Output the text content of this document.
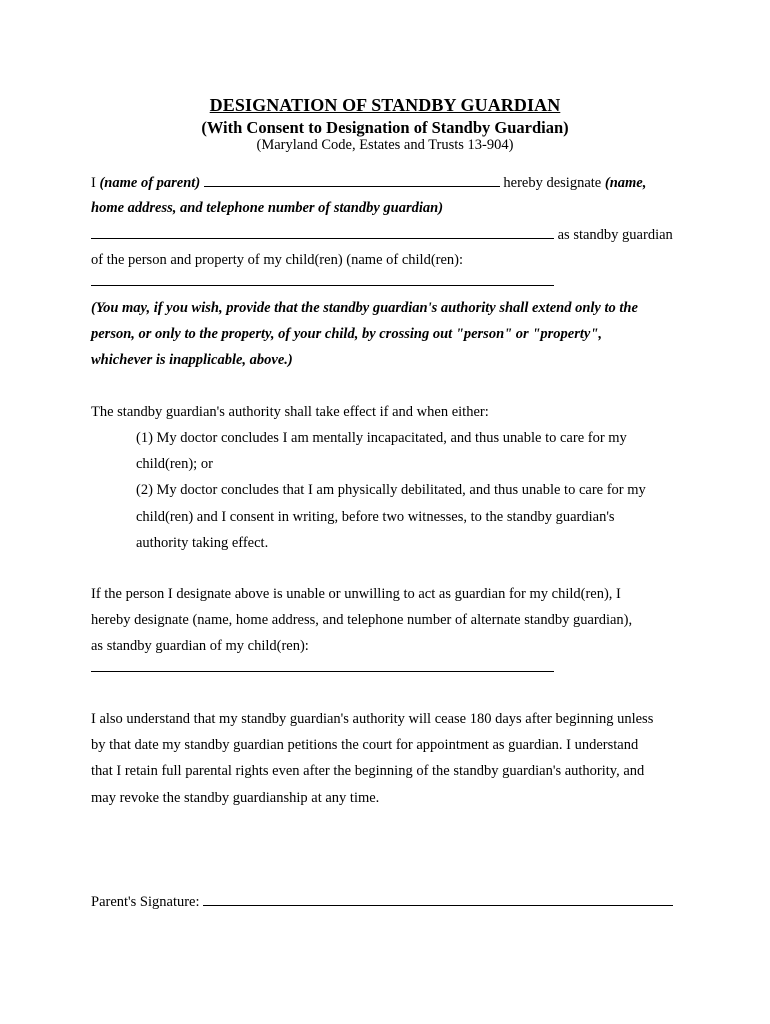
DESIGNATION OF STANDBY GUARDIAN
(With Consent to Designation of Standby Guardian)
(Maryland Code, Estates and Trusts 13-904)
I (name of parent)	hereby designate (name,
home address, and telephone number of standby guardian)
as standby guardian
of the person and property of my child(ren) (name of child(ren):
(You may, if you wish, provide that the standby guardian's authority shall extend only to the
person, or only to the property, of your child, by crossing out "person" or "property",
whichever is inapplicable, above.)
The standby guardian's authority shall take effect if and when either:
(1) My doctor concludes I am mentally incapacitated, and thus unable to care for my
child(ren); or
(2) My doctor concludes that I am physically debilitated, and thus unable to care for my
child(ren) and I consent in writing, before two witnesses, to the standby guardian's
authority taking effect.
If the person I designate above is unable or unwilling to act as guardian for my child(ren), I
hereby designate (name, home address, and telephone number of alternate standby guardian),
as standby guardian of my child(ren):
I also understand that my standby guardian's authority will cease 180 days after beginning unless
by that date my standby guardian petitions the court for appointment as guardian. I understand
that I retain full parental rights even after the beginning of the standby guardian's authority, and
may revoke the standby guardianship at any time.
Parent's Signature:
